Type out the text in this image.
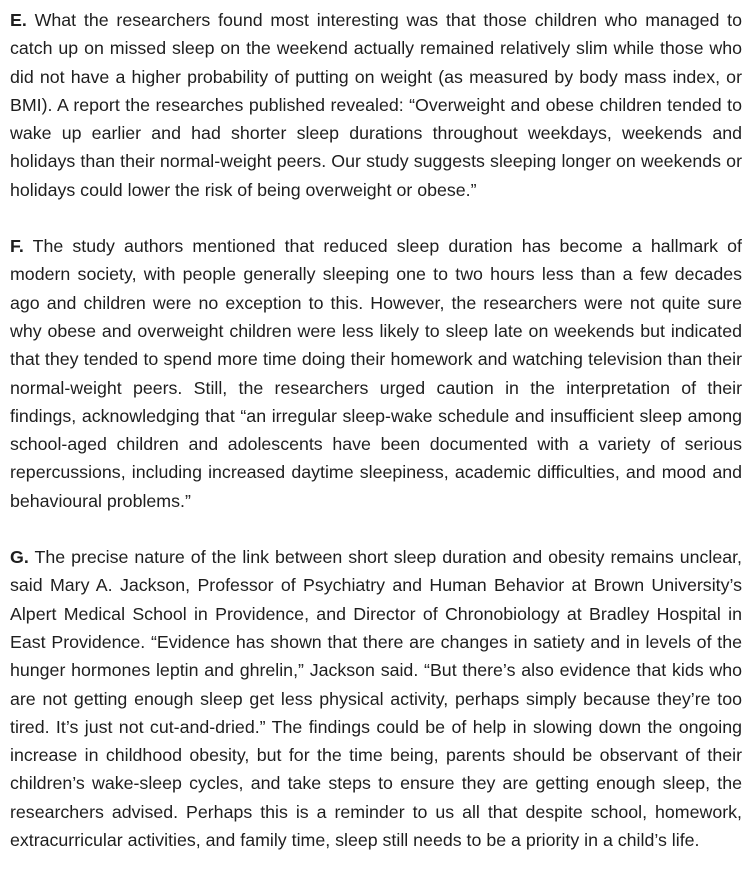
E. What the researchers found most interesting was that those children who managed to catch up on missed sleep on the weekend actually remained relatively slim while those who did not have a higher probability of putting on weight (as measured by body mass index, or BMI). A report the researches published revealed: “Overweight and obese children tended to wake up earlier and had shorter sleep durations throughout weekdays, weekends and holidays than their normal-weight peers. Our study suggests sleeping longer on weekends or holidays could lower the risk of being overweight or obese.”

F. The study authors mentioned that reduced sleep duration has become a hallmark of modern society, with people generally sleeping one to two hours less than a few decades ago and children were no exception to this. However, the researchers were not quite sure why obese and overweight children were less likely to sleep late on weekends but indicated that they tended to spend more time doing their homework and watching television than their normal-weight peers. Still, the researchers urged caution in the interpretation of their findings, acknowledging that “an irregular sleep-wake schedule and insufficient sleep among school-aged children and adolescents have been documented with a variety of serious repercussions, including increased daytime sleepiness, academic difficulties, and mood and behavioural problems.”

G. The precise nature of the link between short sleep duration and obesity remains unclear, said Mary A. Jackson, Professor of Psychiatry and Human Behavior at Brown University’s Alpert Medical School in Providence, and Director of Chronobiology at Bradley Hospital in East Providence. “Evidence has shown that there are changes in satiety and in levels of the hunger hormones leptin and ghrelin,” Jackson said. “But there’s also evidence that kids who are not getting enough sleep get less physical activity, perhaps simply because they’re too tired. It’s just not cut-and-dried.” The findings could be of help in slowing down the ongoing increase in childhood obesity, but for the time being, parents should be observant of their children’s wake-sleep cycles, and take steps to ensure they are getting enough sleep, the researchers advised. Perhaps this is a reminder to us all that despite school, homework, extracurricular activities, and family time, sleep still needs to be a priority in a child’s life.
